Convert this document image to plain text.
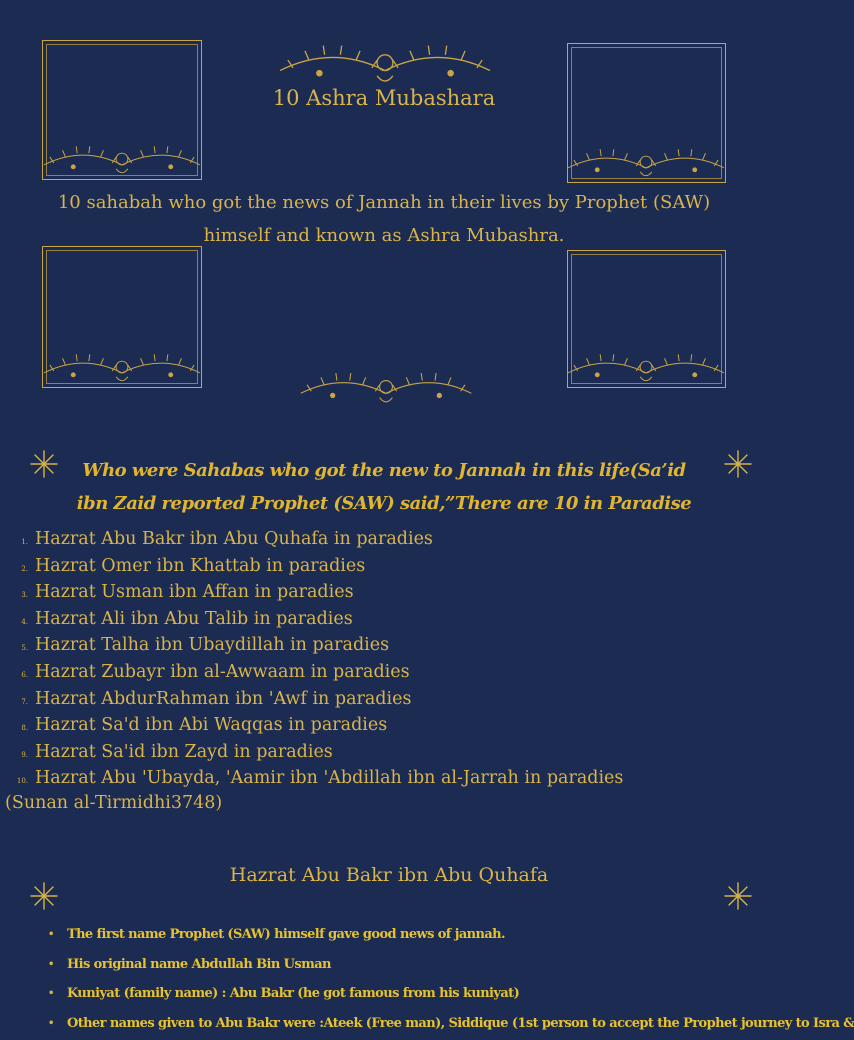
10 Ashra Mubashara
10 sahabah who got the news of Jannah in their lives by Prophet (SAW) himself and known as Ashra Mubashra.
Who were Sahabas who got the new to Jannah in this life(Sa’id ibn Zaid reported Prophet (SAW) said,”There are 10 in Paradise
1. Hazrat Abu Bakr ibn Abu Quhafa in paradies
2. Hazrat Omer ibn Khattab in paradies
3. Hazrat Usman ibn Affan in paradies
4. Hazrat Ali ibn Abu Talib in paradies
5. Hazrat Talha ibn Ubaydillah in paradies
6. Hazrat Zubayr ibn al-Awwaam in paradies
7. Hazrat AbdurRahman ibn 'Awf in paradies
8. Hazrat Sa'd ibn Abi Waqqas in paradies
9. Hazrat Sa'id ibn Zayd in paradies
10. Hazrat Abu 'Ubayda, 'Aamir ibn 'Abdillah ibn al-Jarrah in paradies
(Sunan al-Tirmidhi3748)
Hazrat Abu Bakr ibn Abu Quhafa
• The first name Prophet (SAW) himself gave good news of jannah.
• His original name Abdullah Bin Usman
• Kuniyat (family name) : Abu Bakr (he got famous from his kuniyat)
• Other names given to Abu Bakr were :Ateek (Free man), Siddique (1st person to accept the Prophet journey to Isra &
